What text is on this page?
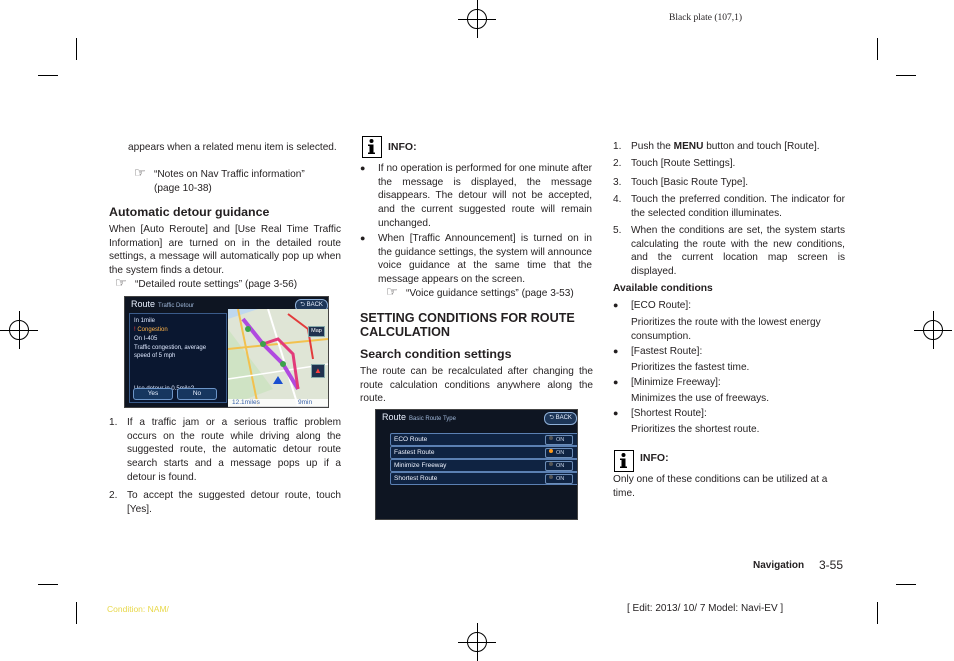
Black plate (107,1)
appears when a related menu item is selected.
☞ “Notes on Nav Traffic information”
(page 10-38)
Automatic detour guidance
When [Auto Reroute] and [Use Real Time Traffic Information] are turned on in the detailed route settings, a message will automatically pop up when the system finds a detour.
☞ “Detailed route settings” (page 3-56)
Route Traffic Detour	⮌ BACK
In 1mile
! Congestion
On I-405
Traffic congestion, average
speed of 5 mph
Yes	No
Map
▲
12.1miles	9min
1. If a traffic jam or a serious traffic problem occurs on the route while driving along the suggested route, the automatic detour route search starts and a message pops up if a detour is found.
2. To accept the suggested detour route, touch [Yes].
INFO:
● If no operation is performed for one minute after the message is displayed, the message disappears. The detour will not be accepted, and the current suggested route will remain unchanged.
● When [Traffic Announcement] is turned on in the guidance settings, the system will announce voice guidance at the same time that the message appears on the screen.
☞ “Voice guidance settings” (page 3-53)
SETTING CONDITIONS FOR ROUTE
CALCULATION
Search condition settings
The route can be recalculated after changing the route calculation conditions anywhere along the route.
Route Basic Route Type	⮌ BACK
ECO Route	ON
Fastest Route	ON
Minimize Freeway	ON
Shortest Route	ON
1. Push the MENU button and touch [Route].
2. Touch [Route Settings].
3. Touch [Basic Route Type].
4. Touch the preferred condition. The indicator for the selected condition illuminates.
5. When the conditions are set, the system starts calculating the route with the new conditions, and the current location map screen is displayed.
Available conditions
● [ECO Route]:
Prioritizes the route with the lowest energy consumption.
● [Fastest Route]:
Prioritizes the fastest time.
● [Minimize Freeway]:
Minimizes the use of freeways.
● [Shortest Route]:
Prioritizes the shortest route.
INFO:
Only one of these conditions can be utilized at a time.
Navigation 3-55
Condition: NAM/	[ Edit: 2013/ 10/ 7 Model: Navi-EV ]
